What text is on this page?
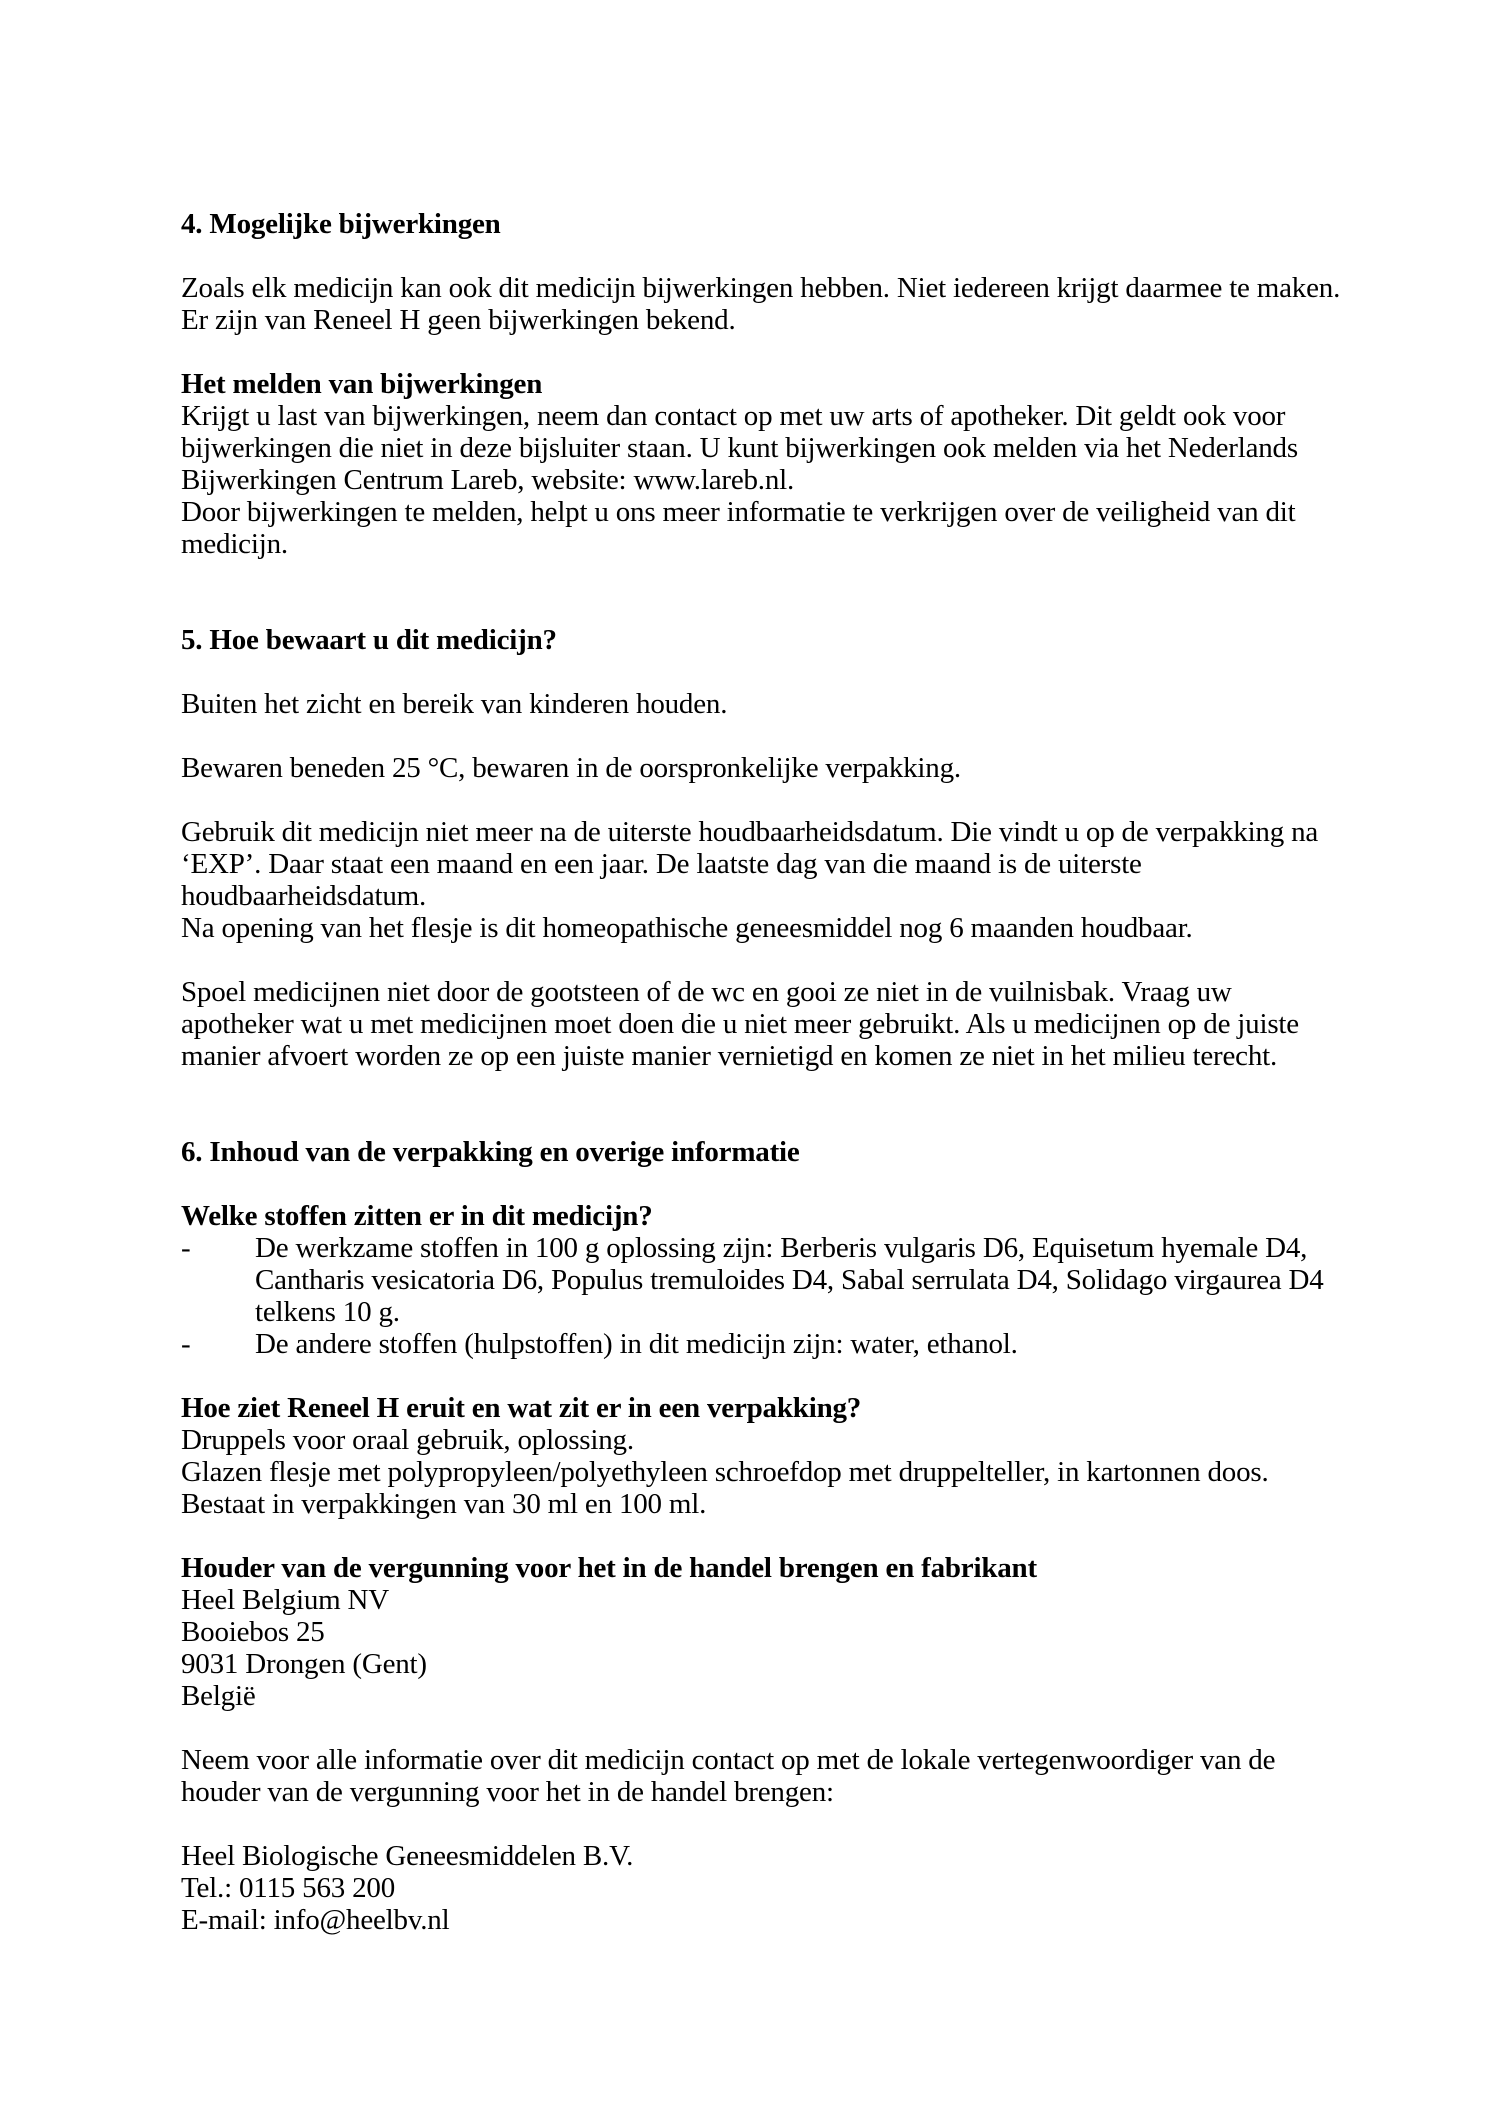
4. Mogelijke bijwerkingen
Zoals elk medicijn kan ook dit medicijn bijwerkingen hebben. Niet iedereen krijgt daarmee te maken.
Er zijn van Reneel H geen bijwerkingen bekend.
Het melden van bijwerkingen
Krijgt u last van bijwerkingen, neem dan contact op met uw arts of apotheker. Dit geldt ook voor
bijwerkingen die niet in deze bijsluiter staan. U kunt bijwerkingen ook melden via het Nederlands
Bijwerkingen Centrum Lareb, website: www.lareb.nl.
Door bijwerkingen te melden, helpt u ons meer informatie te verkrijgen over de veiligheid van dit
medicijn.
5. Hoe bewaart u dit medicijn?
Buiten het zicht en bereik van kinderen houden.
Bewaren beneden 25 °C, bewaren in de oorspronkelijke verpakking.
Gebruik dit medicijn niet meer na de uiterste houdbaarheidsdatum. Die vindt u op de verpakking na
‘EXP’. Daar staat een maand en een jaar. De laatste dag van die maand is de uiterste
houdbaarheidsdatum.
Na opening van het flesje is dit homeopathische geneesmiddel nog 6 maanden houdbaar.
Spoel medicijnen niet door de gootsteen of de wc en gooi ze niet in de vuilnisbak. Vraag uw
apotheker wat u met medicijnen moet doen die u niet meer gebruikt. Als u medicijnen op de juiste
manier afvoert worden ze op een juiste manier vernietigd en komen ze niet in het milieu terecht.
6. Inhoud van de verpakking en overige informatie
Welke stoffen zitten er in dit medicijn?
-	De werkzame stoffen in 100 g oplossing zijn: Berberis vulgaris D6, Equisetum hyemale D4,
Cantharis vesicatoria D6, Populus tremuloides D4, Sabal serrulata D4, Solidago virgaurea D4
telkens 10 g.
-	De andere stoffen (hulpstoffen) in dit medicijn zijn: water, ethanol.
Hoe ziet Reneel H eruit en wat zit er in een verpakking?
Druppels voor oraal gebruik, oplossing.
Glazen flesje met polypropyleen/polyethyleen schroefdop met druppelteller, in kartonnen doos.
Bestaat in verpakkingen van 30 ml en 100 ml.
Houder van de vergunning voor het in de handel brengen en fabrikant
Heel Belgium NV
Booiebos 25
9031 Drongen (Gent)
België
Neem voor alle informatie over dit medicijn contact op met de lokale vertegenwoordiger van de
houder van de vergunning voor het in de handel brengen:
Heel Biologische Geneesmiddelen B.V.
Tel.: 0115 563 200
E-mail: info@heelbv.nl
